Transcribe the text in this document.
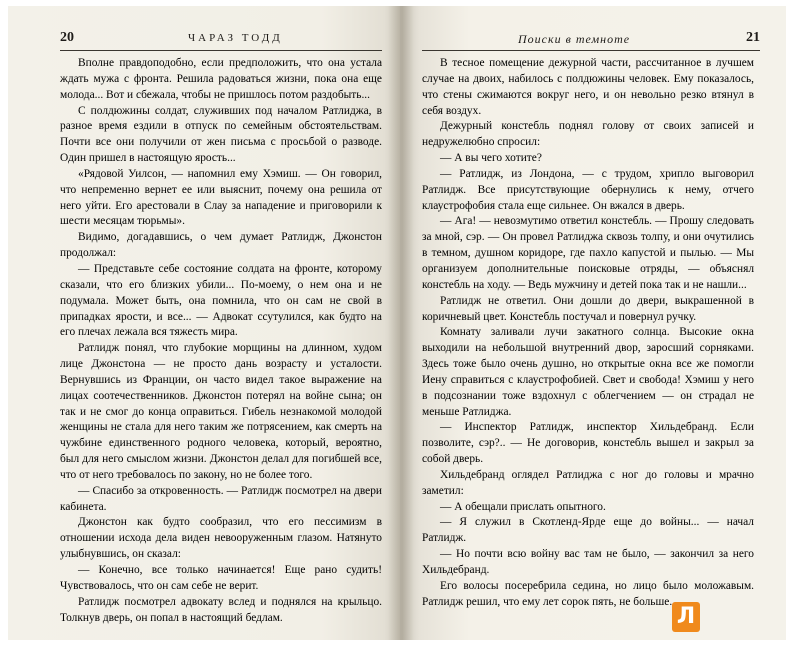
20	ЧАРАЗ ТОДД	Поиски в темноте	21

Вполне правдоподобно, если предположить, что она устала ждать мужа с фронта. Решила радоваться жизни, пока она еще молода... Вот и сбежала, чтобы не пришлось потом раздобыть...

С полдюжины солдат, служивших под началом Ратлиджа, в разное время ездили в отпуск по семейным обстоятельствам. Почти все они получили от жен письма с просьбой о разводе. Один пришел в настоящую ярость...

«Рядовой Уилсон, — напомнил ему Хэмиш. — Он говорил, что непременно вернет ее или выяснит, почему она решила от него уйти. Его арестовали в Слау за нападение и приговорили к шести месяцам тюрьмы».

Видимо, догадавшись, о чем думает Ратлидж, Джонстон продолжал:

— Представьте себе состояние солдата на фронте, которому сказали, что его близких убили... По-моему, о нем она и не подумала. Может быть, она помнила, что он сам не свой в припадках ярости, и все... — Адвокат ссутулился, как будто на его плечах лежала вся тяжесть мира.

Ратлидж понял, что глубокие морщины на длинном, худом лице Джонстона — не просто дань возрасту и усталости. Вернувшись из Франции, он часто видел такое выражение на лицах соотечественников. Джонстон потерял на войне сына; он так и не смог до конца оправиться. Гибель незнакомой молодой женщины не стала для него таким же потрясением, как смерть на чужбине единственного родного человека, который, вероятно, был для него смыслом жизни. Джонстон делал для погибшей все, что от него требовалось по закону, но не более того.

— Спасибо за откровенность. — Ратлидж посмотрел на двери кабинета.

Джонстон как будто сообразил, что его пессимизм в отношении исхода дела виден невооруженным глазом. Натянуто улыбнувшись, он сказал:

— Конечно, все только начинается! Еще рано судить! Чувствовалось, что он сам себе не верит.

Ратлидж посмотрел адвокату вслед и поднялся на крыльцо. Толкнув дверь, он попал в настоящий бедлам.

В тесное помещение дежурной части, рассчитанное в лучшем случае на двоих, набилось с полдюжины человек. Ему показалось, что стены сжимаются вокруг него, и он невольно резко втянул в себя воздух.

Дежурный констебль поднял голову от своих записей и недружелюбно спросил:

— А вы чего хотите?

— Ратлидж, из Лондона, — с трудом, хрипло выговорил Ратлидж. Все присутствующие обернулись к нему, отчего клаустрофобия стала еще сильнее. Он вжался в дверь.

— Ага! — невозмутимо ответил констебль. — Прошу следовать за мной, сэр. — Он провел Ратлиджа сквозь толпу, и они очутились в темном, душном коридоре, где пахло капустой и пылью. — Мы организуем дополнительные поисковые отряды, — объяснял констебль на ходу. — Ведь мужчину и детей пока так и не нашли...

Ратлидж не ответил. Они дошли до двери, выкрашенной в коричневый цвет. Констебль постучал и повернул ручку.

Комнату заливали лучи закатного солнца. Высокие окна выходили на небольшой внутренний двор, заросший сорняками. Здесь тоже было очень душно, но открытые окна все же помогли Иену справиться с клаустрофобией. Свет и свобода! Хэмиш у него в подсознании тоже вздохнул с облегчением — он страдал не меньше Ратлиджа.

— Инспектор Ратлидж, инспектор Хильдебранд. Если позволите, сэр?.. — Не договорив, констебль вышел и закрыл за собой дверь.

Хильдебранд оглядел Ратлиджа с ног до головы и мрачно заметил:

— А обещали прислать опытного.

— Я служил в Скотленд-Ярде еще до войны... — начал Ратлидж.

— Но почти всю войну вас там не было, — закончил за него Хильдебранд.

Его волосы посеребрила седина, но лицо было моложавым. Ратлидж решил, что ему лет сорок пять, не больше.

Л
